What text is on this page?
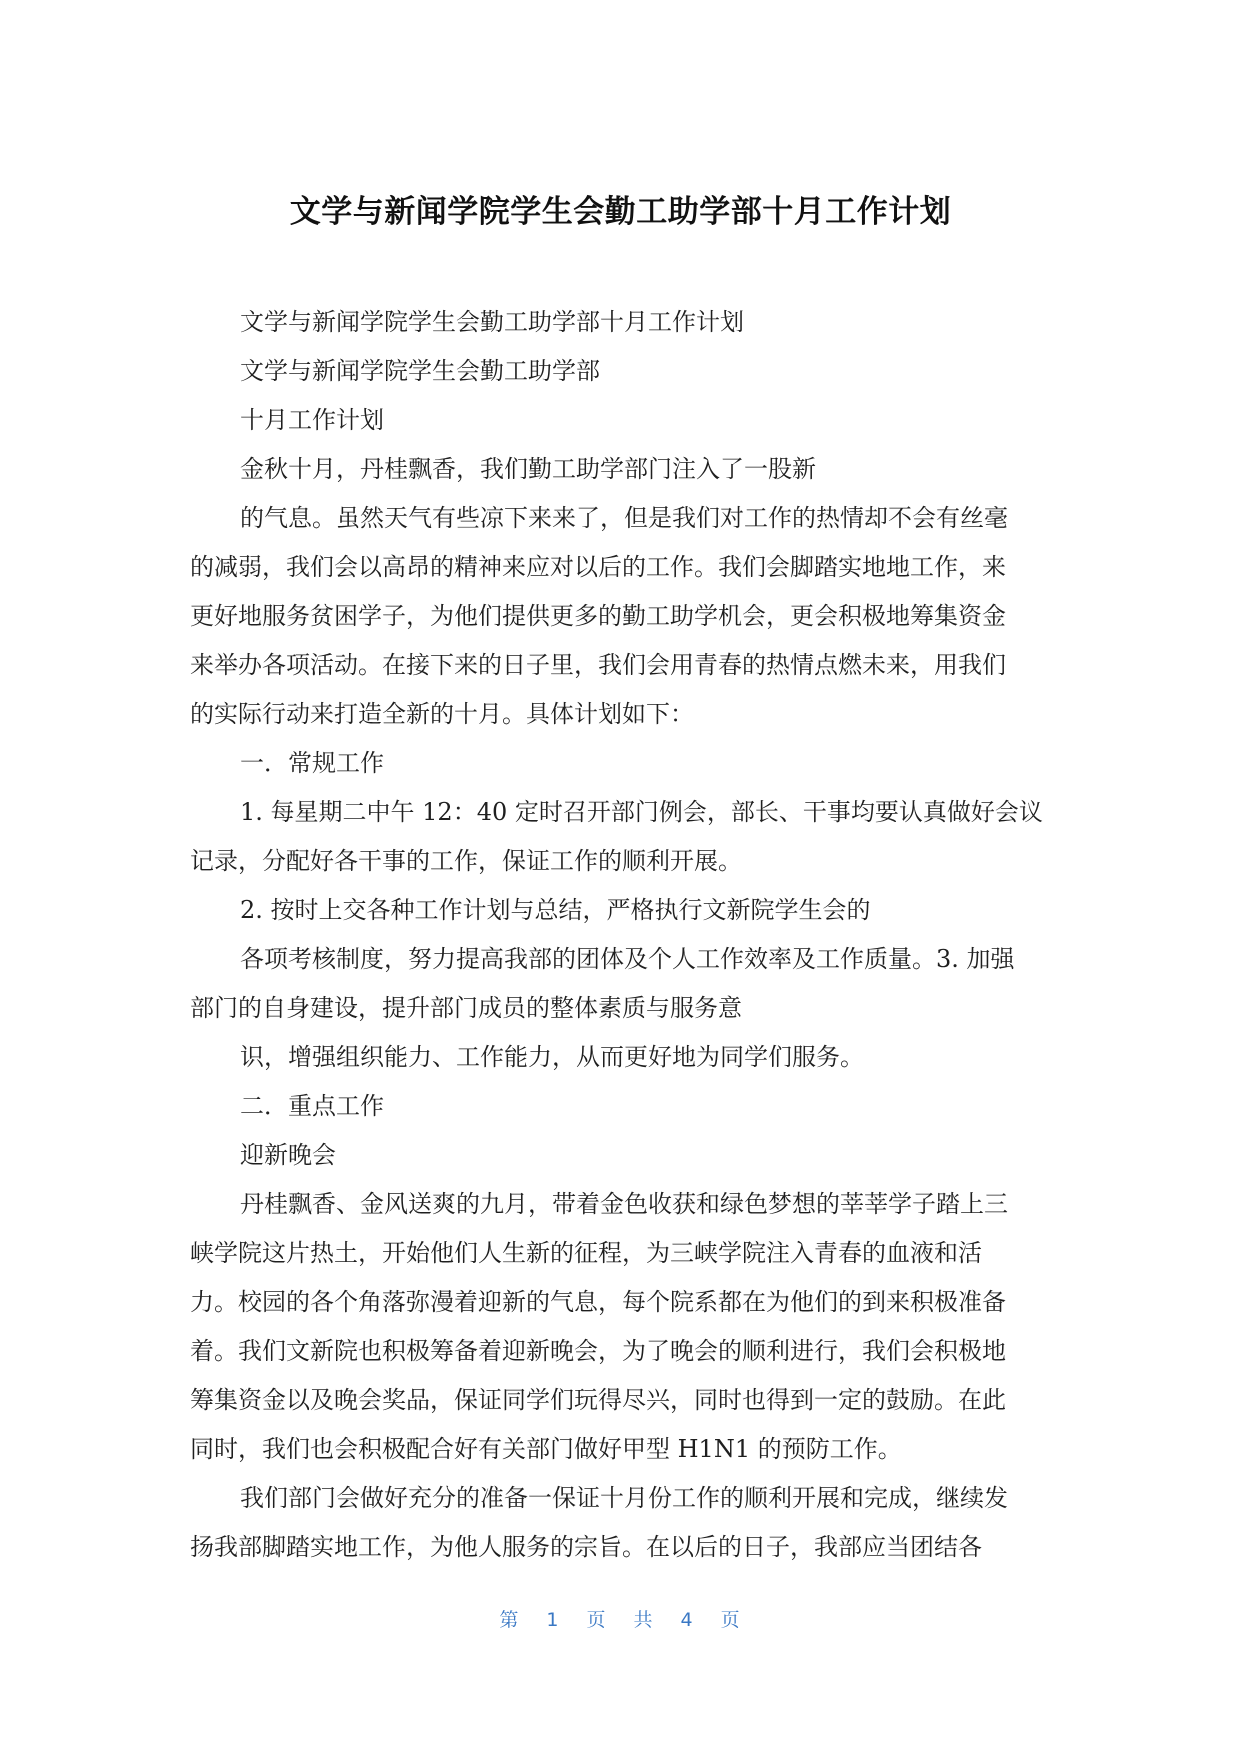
文学与新闻学院学生会勤工助学部十月工作计划
文学与新闻学院学生会勤工助学部十月工作计划
文学与新闻学院学生会勤工助学部
十月工作计划
金秋十月，丹桂飘香，我们勤工助学部门注入了一股新
的气息。虽然天气有些凉下来来了，但是我们对工作的热情却不会有丝毫
的减弱，我们会以高昂的精神来应对以后的工作。我们会脚踏实地地工作，来
更好地服务贫困学子，为他们提供更多的勤工助学机会，更会积极地筹集资金
来举办各项活动。在接下来的日子里，我们会用青春的热情点燃未来，用我们
的实际行动来打造全新的十月。具体计划如下：
一．常规工作
1. 每星期二中午 12：40 定时召开部门例会，部长、干事均要认真做好会议
记录，分配好各干事的工作，保证工作的顺利开展。
2. 按时上交各种工作计划与总结，严格执行文新院学生会的
各项考核制度，努力提高我部的团体及个人工作效率及工作质量。3. 加强
部门的自身建设，提升部门成员的整体素质与服务意
识，增强组织能力、工作能力，从而更好地为同学们服务。
二．重点工作
迎新晚会
丹桂飘香、金风送爽的九月，带着金色收获和绿色梦想的莘莘学子踏上三
峡学院这片热土，开始他们人生新的征程，为三峡学院注入青春的血液和活
力。校园的各个角落弥漫着迎新的气息，每个院系都在为他们的到来积极准备
着。我们文新院也积极筹备着迎新晚会，为了晚会的顺利进行，我们会积极地
筹集资金以及晚会奖品，保证同学们玩得尽兴，同时也得到一定的鼓励。在此
同时，我们也会积极配合好有关部门做好甲型 H1N1 的预防工作。
我们部门会做好充分的准备一保证十月份工作的顺利开展和完成，继续发
扬我部脚踏实地工作，为他人服务的宗旨。在以后的日子，我部应当团结各
第 1 页 共 4 页
